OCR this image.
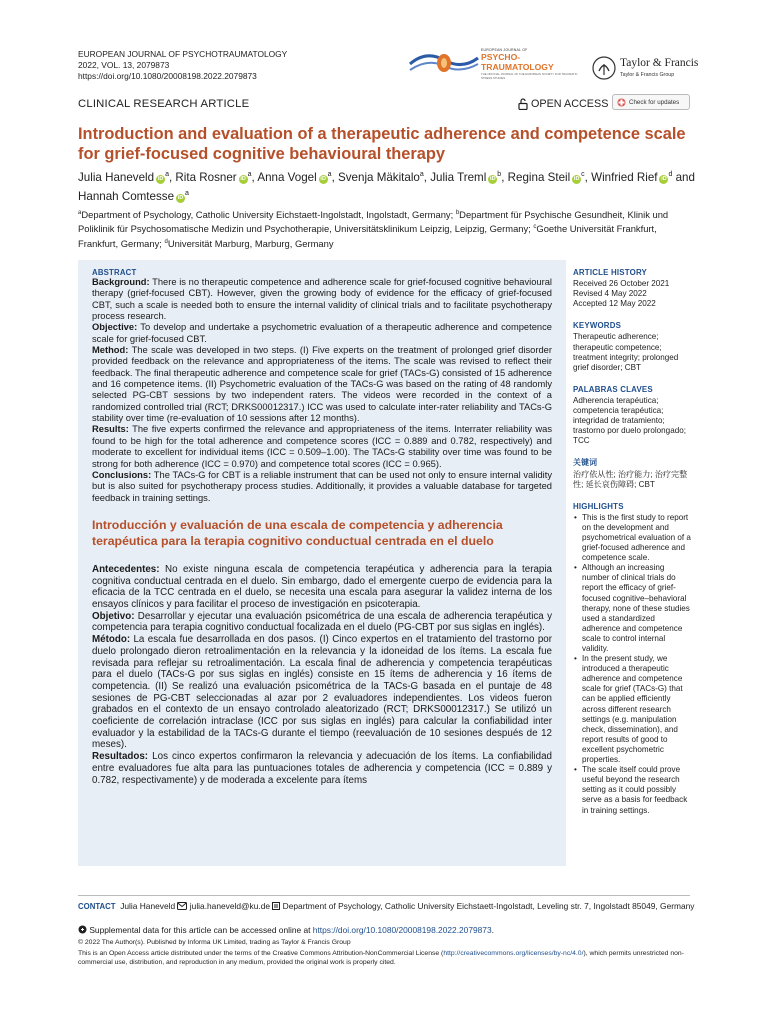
EUROPEAN JOURNAL OF PSYCHOTRAUMATOLOGY
2022, VOL. 13, 2079873
https://doi.org/10.1080/20008198.2022.2079873
EUROPEAN JOURNAL OF
PSYCHO-
TRAUMATOLOGY
THE OFFICIAL JOURNAL OF THE EUROPEAN SOCIETY FOR TRAUMATIC STRESS STUDIES
Taylor & Francis
Taylor & Francis Group
CLINICAL RESEARCH ARTICLE	OPEN ACCESS	Check for updates
Introduction and evaluation of a therapeutic adherence and competence scale for grief-focused cognitive behavioural therapy
Julia Haneveld $iD^a$, Rita Rosner $iD^a$, Anna Vogel $iD^a$, Svenja Mäkitalo$^a$, Julia Treml $iD^b$, Regina Steil $iD^c$, Winfried Rief $iD^d$ and Hannah Comtesse $iD^a$
$^a$Department of Psychology, Catholic University Eichstaett-Ingolstadt, Ingolstadt, Germany; $^b$Department für Psychische Gesundheit, Klinik und Poliklinik für Psychosomatische Medizin und Psychotherapie, Universitätsklinikum Leipzig, Leipzig, Germany; $^c$Goethe Universität Frankfurt, Frankfurt, Germany; $^d$Universität Marburg, Marburg, Germany
ABSTRACT
Background: There is no therapeutic competence and adherence scale for grief-focused cognitive behavioural therapy (grief-focused CBT). However, given the growing body of evidence for the efficacy of grief-focused CBT, such a scale is needed both to ensure the internal validity of clinical trials and to facilitate psychotherapy process research.
Objective: To develop and undertake a psychometric evaluation of a therapeutic adherence and competence scale for grief-focused CBT.
Method: The scale was developed in two steps. (I) Five experts on the treatment of prolonged grief disorder provided feedback on the relevance and appropriateness of the items. The scale was revised to reflect their feedback. The final therapeutic adherence and competence scale for grief (TACs-G) consisted of 15 adherence and 16 competence items. (II) Psychometric evaluation of the TACs-G was based on the rating of 48 randomly selected PG-CBT sessions by two independent raters. The videos were recorded in the context of a randomized controlled trial (RCT; DRKS00012317.) ICC was used to calculate inter-rater reliability and TACs-G stability over time (re-evaluation of 10 sessions after 12 months).
Results: The five experts confirmed the relevance and appropriateness of the items. Interrater reliability was found to be high for the total adherence and competence scores (ICC = 0.889 and 0.782, respectively) and moderate to excellent for individual items (ICC = 0.509–1.00). The TACs-G stability over time was found to be strong for both adherence (ICC = 0.970) and competence total scores (ICC = 0.965).
Conclusions: The TACs-G for CBT is a reliable instrument that can be used not only to ensure internal validity but is also suited for psychotherapy process studies. Additionally, it provides a valuable database for targeted feedback in training settings.
Introducción y evaluación de una escala de competencia y adherencia terapéutica para la terapia cognitivo conductual centrada en el duelo
Antecedentes: No existe ninguna escala de competencia terapéutica y adherencia para la terapia cognitiva conductual centrada en el duelo. Sin embargo, dado el emergente cuerpo de evidencia para la eficacia de la TCC centrada en el duelo, se necesita una escala para asegurar la validez interna de los ensayos clínicos y para facilitar el proceso de investigación en psicoterapia.
Objetivo: Desarrollar y ejecutar una evaluación psicométrica de una escala de adherencia terapéutica y competencia para terapia cognitivo conductual focalizada en el duelo (PG-CBT por sus siglas en inglés).
Método: La escala fue desarrollada en dos pasos. (I) Cinco expertos en el tratamiento del trastorno por duelo prolongado dieron retroalimentación en la relevancia y la idoneidad de los ítems. La escala fue revisada para reflejar su retroalimentación. La escala final de adherencia y competencia terapéuticas para el duelo (TACs-G por sus siglas en inglés) consiste en 15 ítems de adherencia y 16 ítems de competencia. (II) Se realizó una evaluación psicométrica de la TACs-G basada en el puntaje de 48 sesiones de PG-CBT seleccionadas al azar por 2 evaluadores independientes. Los videos fueron grabados en el contexto de un ensayo controlado aleatorizado (RCT; DRKS00012317.) Se utilizó un coeficiente de correlación intraclase (ICC por sus siglas en inglés) para calcular la confiabilidad inter evaluador y la estabilidad de la TACs-G durante el tiempo (reevaluación de 10 sesiones después de 12 meses).
Resultados: Los cinco expertos confirmaron la relevancia y adecuación de los ítems. La confiabilidad entre evaluadores fue alta para las puntuaciones totales de adherencia y competencia (ICC = 0.889 y 0.782, respectivamente) y de moderada a excelente para ítems
ARTICLE HISTORY
Received 26 October 2021
Revised 4 May 2022
Accepted 12 May 2022
KEYWORDS
Therapeutic adherence; therapeutic competence; treatment integrity; prolonged grief disorder; CBT
PALABRAS CLAVES
Adherencia terapéutica; competencia terapéutica; integridad de tratamiento; trastorno por duelo prolongado; TCC
关键词
治疗依从性; 治疗能力; 治疗完整性; 延长哀伤障碍; CBT
HIGHLIGHTS
• This is the first study to report on the development and psychometrical evaluation of a grief-focused adherence and competence scale.
• Although an increasing number of clinical trials do report the efficacy of grief-focused cognitive–behavioral therapy, none of these studies used a standardized adherence and competence scale to control internal validity.
• In the present study, we introduced a therapeutic adherence and competence scale for grief (TACs-G) that can be applied efficiently across different research settings (e.g. manipulation check, dissemination), and report results of good to excellent psychometric properties.
• The scale itself could prove useful beyond the research setting as it could possibly serve as a basis for feedback in training settings.
CONTACT Julia Haneveld julia.haneveld@ku.de Department of Psychology, Catholic University Eichstaett-Ingolstadt, Leveling str. 7, Ingolstadt 85049, Germany
Supplemental data for this article can be accessed online at https://doi.org/10.1080/20008198.2022.2079873.
© 2022 The Author(s). Published by Informa UK Limited, trading as Taylor & Francis Group
This is an Open Access article distributed under the terms of the Creative Commons Attribution-NonCommercial License (http://creativecommons.org/licenses/by-nc/4.0/), which permits unrestricted non-commercial use, distribution, and reproduction in any medium, provided the original work is properly cited.
